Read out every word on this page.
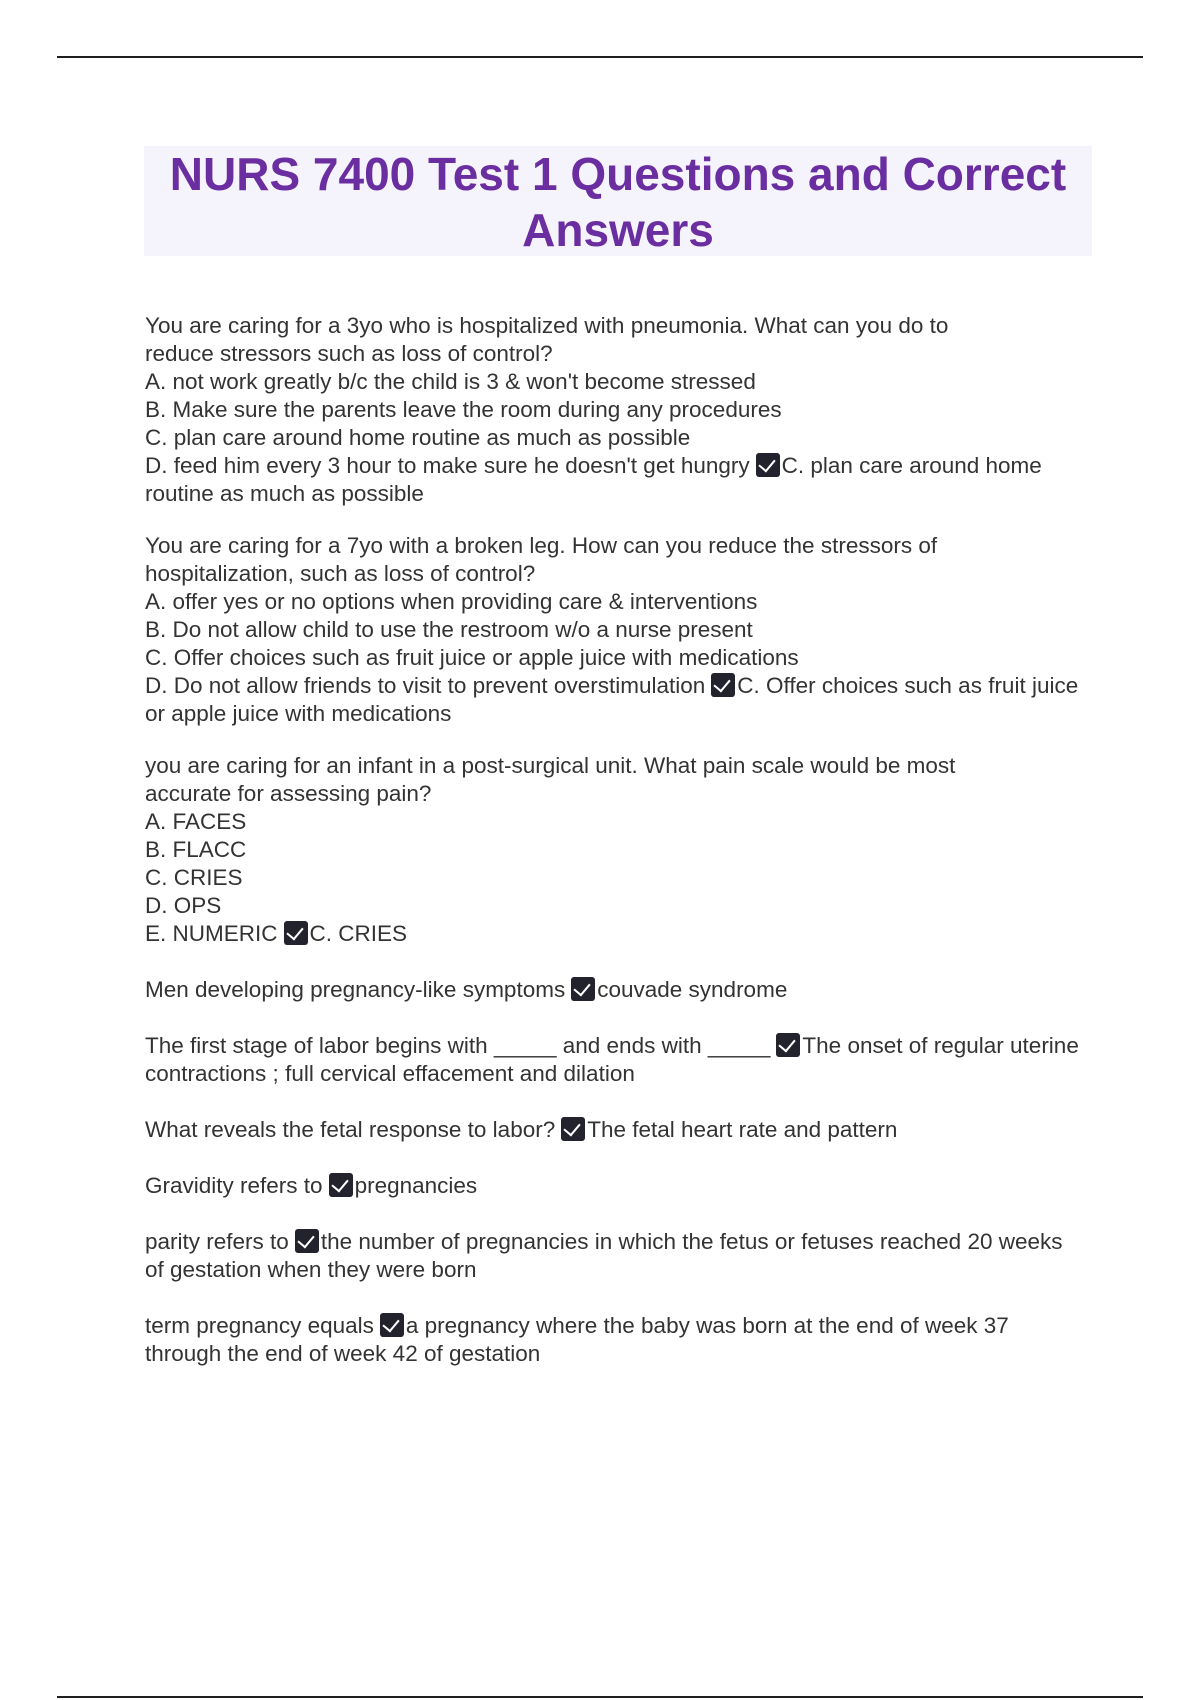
NURS 7400 Test 1 Questions and Correct Answers
You are caring for a 3yo who is hospitalized with pneumonia. What can you do to
reduce stressors such as loss of control?
A. not work greatly b/c the child is 3 & won't become stressed
B. Make sure the parents leave the room during any procedures
C. plan care around home routine as much as possible
D. feed him every 3 hour to make sure he doesn't get hungry C. plan care around home routine as much as possible
You are caring for a 7yo with a broken leg. How can you reduce the stressors of
hospitalization, such as loss of control?
A. offer yes or no options when providing care & interventions
B. Do not allow child to use the restroom w/o a nurse present
C. Offer choices such as fruit juice or apple juice with medications
D. Do not allow friends to visit to prevent overstimulation C. Offer choices such as fruit juice or apple juice with medications
you are caring for an infant in a post-surgical unit. What pain scale would be most
accurate for assessing pain?
A. FACES
B. FLACC
C. CRIES
D. OPS
E. NUMERIC C. CRIES
Men developing pregnancy-like symptoms couvade syndrome
The first stage of labor begins with _____ and ends with _____ The onset of regular uterine contractions ; full cervical effacement and dilation
What reveals the fetal response to labor? The fetal heart rate and pattern
Gravidity refers to pregnancies
parity refers to the number of pregnancies in which the fetus or fetuses reached 20 weeks of gestation when they were born
term pregnancy equals a pregnancy where the baby was born at the end of week 37 through the end of week 42 of gestation
